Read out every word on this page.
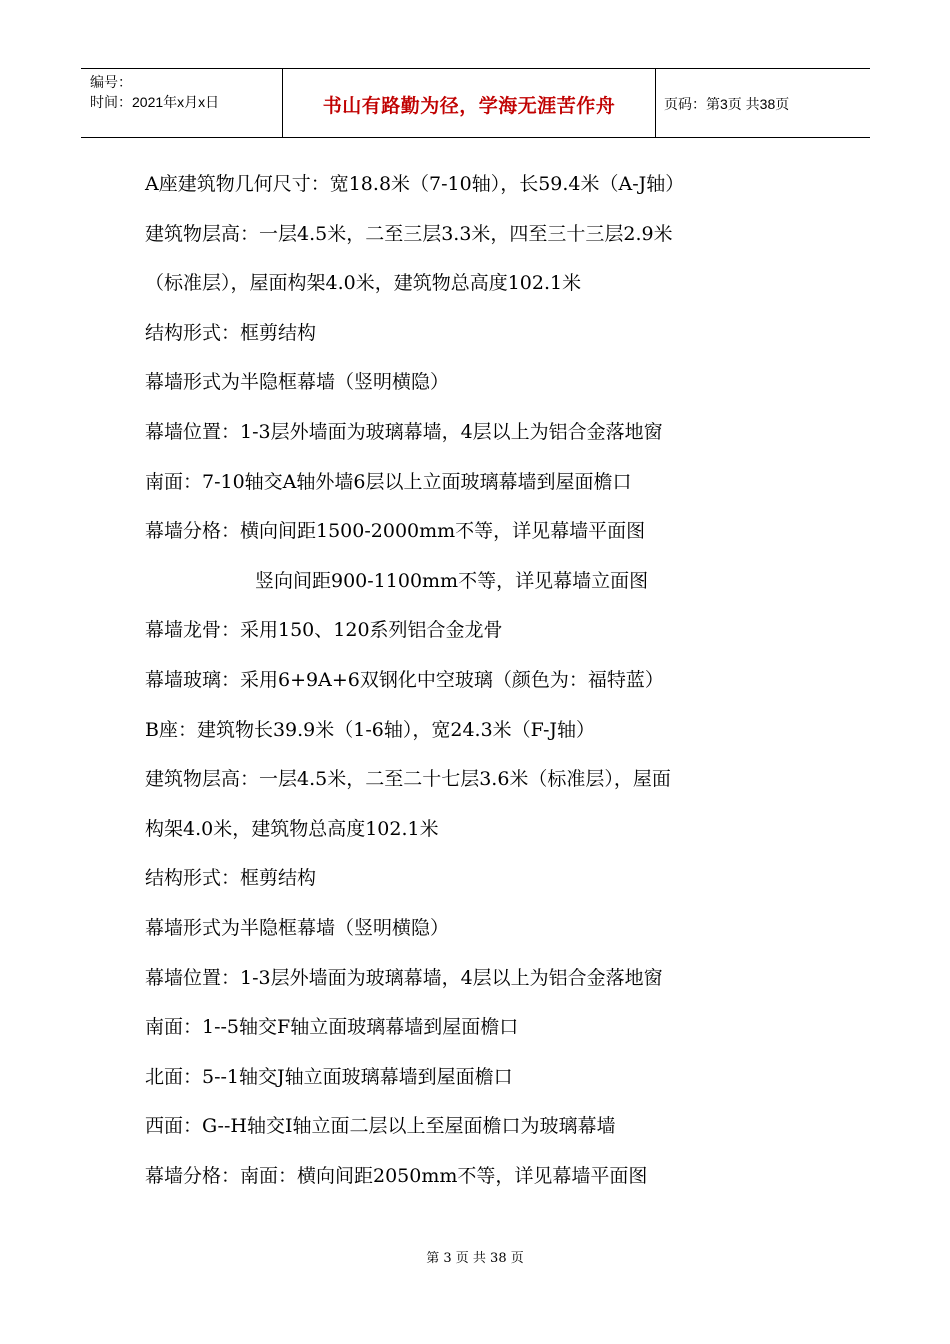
编号：
时间：2021年x月x日	书山有路勤为径，学海无涯苦作舟	页码：第3页 共38页
A座建筑物几何尺寸：宽18.8米（7-10轴），长59.4米（A-J轴）
建筑物层高：一层4.5米，二至三层3.3米，四至三十三层2.9米
（标准层），屋面构架4.0米，建筑物总高度102.1米
结构形式：框剪结构
幕墙形式为半隐框幕墙（竖明横隐）
幕墙位置：1-3层外墙面为玻璃幕墙，4层以上为铝合金落地窗
南面：7-10轴交A轴外墙6层以上立面玻璃幕墙到屋面檐口
幕墙分格：横向间距1500-2000mm不等，详见幕墙平面图
竖向间距900-1100mm不等，详见幕墙立面图
幕墙龙骨：采用150、120系列铝合金龙骨
幕墙玻璃：采用6+9A+6双钢化中空玻璃（颜色为：福特蓝）
B座：建筑物长39.9米（1-6轴），宽24.3米（F-J轴）
建筑物层高：一层4.5米，二至二十七层3.6米（标准层），屋面
构架4.0米，建筑物总高度102.1米
结构形式：框剪结构
幕墙形式为半隐框幕墙（竖明横隐）
幕墙位置：1-3层外墙面为玻璃幕墙，4层以上为铝合金落地窗
南面：1--5轴交F轴立面玻璃幕墙到屋面檐口
北面：5--1轴交J轴立面玻璃幕墙到屋面檐口
西面：G--H轴交I轴立面二层以上至屋面檐口为玻璃幕墙
幕墙分格：南面：横向间距2050mm不等，详见幕墙平面图
第 3 页 共 38 页
